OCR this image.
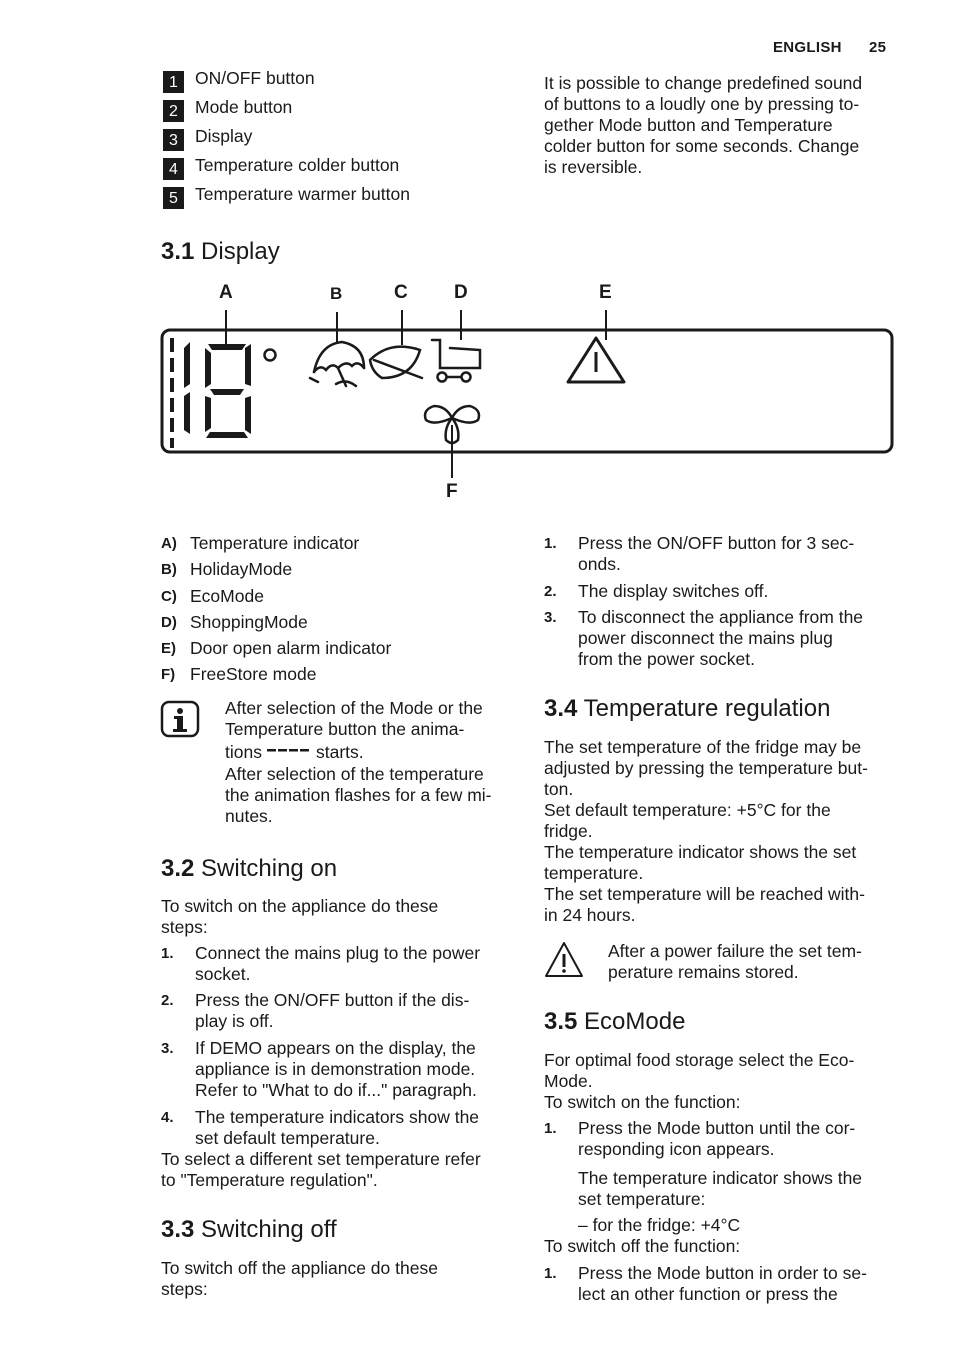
ENGLISH 25
1 ON/OFF button
2 Mode button
3 Display
4 Temperature colder button
5 Temperature warmer button
It is possible to change predefined sound
of buttons to a loudly one by pressing to-
gether Mode button and Temperature
colder button for some seconds. Change
is reversible.
3.1 Display
A	B	C D	E
F
A) Temperature indicator
B) HolidayMode
C) EcoMode
D) ShoppingMode
E) Door open alarm indicator
F) FreeStore mode
After selection of the Mode or the
Temperature button the anima-
tions	starts.
After selection of the temperature
the animation flashes for a few mi-
nutes.
3.2 Switching on
To switch on the appliance do these
steps:
1. Connect the mains plug to the power
socket.
2. Press the ON/OFF button if the dis-
play is off.
3. If DEMO appears on the display, the
appliance is in demonstration mode.
Refer to "What to do if..." paragraph.
4. The temperature indicators show the
set default temperature.
To select a different set temperature refer
to "Temperature regulation".
3.3 Switching off
To switch off the appliance do these
steps:
1. Press the ON/OFF button for 3 sec-
onds.
2. The display switches off.
3. To disconnect the appliance from the
power disconnect the mains plug
from the power socket.
3.4 Temperature regulation
The set temperature of the fridge may be
adjusted by pressing the temperature but-
ton.
Set default temperature: +5°C for the
fridge.
The temperature indicator shows the set
temperature.
The set temperature will be reached with-
in 24 hours.
After a power failure the set tem-
perature remains stored.
3.5 EcoMode
For optimal food storage select the Eco-
Mode.
To switch on the function:
1. Press the Mode button until the cor-
responding icon appears.
The temperature indicator shows the
set temperature:
– for the fridge: +4°C
To switch off the function:
1. Press the Mode button in order to se-
lect an other function or press the
